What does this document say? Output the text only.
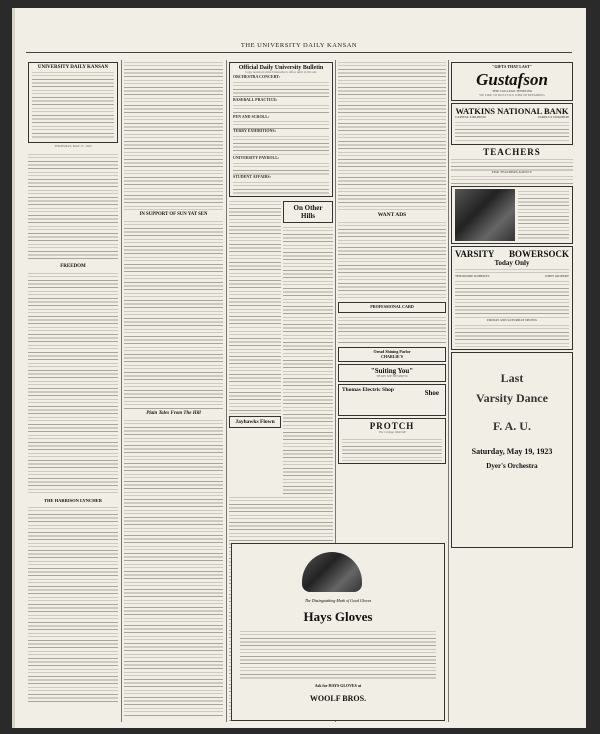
THE UNIVERSITY DAILY KANSAN
UNIVERSITY DAILY KANSAN
THURSDAY, MAY 17, 1923
FREEDOM
THE HARRISON LYNCHER
IN SUPPORT OF SUN YAT SEN
Plain Tales From The Hill
Official Daily University Bulletin
Copy received at the Chancellor's office until 11:00 a.m.
ORCHESTRA CONCERT:
BASEBALL PRACTICE:
PEN AND SCROLL:
TERRY EXHIBITIONS:
UNIVERSITY PAYROLL:
STUDENT AFFAIRS:
On Other Hills
Jayhawks Flown
WANT ADS
PROFESSIONAL CARD
Oread Shining Parlor
CHARLIE'S
"Suiting You"
THATS MY BUSINESS
Thomas Electric Shop	Shoe
PROTCH
The College TAILOR
The Distinguishing Mark of Good Gloves
Hays Gloves
Ask for HAYS GLOVES at
WOOLF BROS.
"GIFTS THAT LAST"
Gustafson
THE COLLEGE JEWELER
WE LIKE TO DO LITTLE JOBS OF REPAIRING
WATKINS NATIONAL BANK
CAPITAL $100,000.00	SURPLUS $100,000.00
TEACHERS
FISK TEACHERS AGENCY
VARSITY BOWERSOCK
Today Only
THEODORE ROBERTS	JOHN GILBERT
FRIDAY AND SATURDAY SHOWS
Last
Varsity Dance
F. A. U.
Saturday, May 19, 1923
Dyer's Orchestra
